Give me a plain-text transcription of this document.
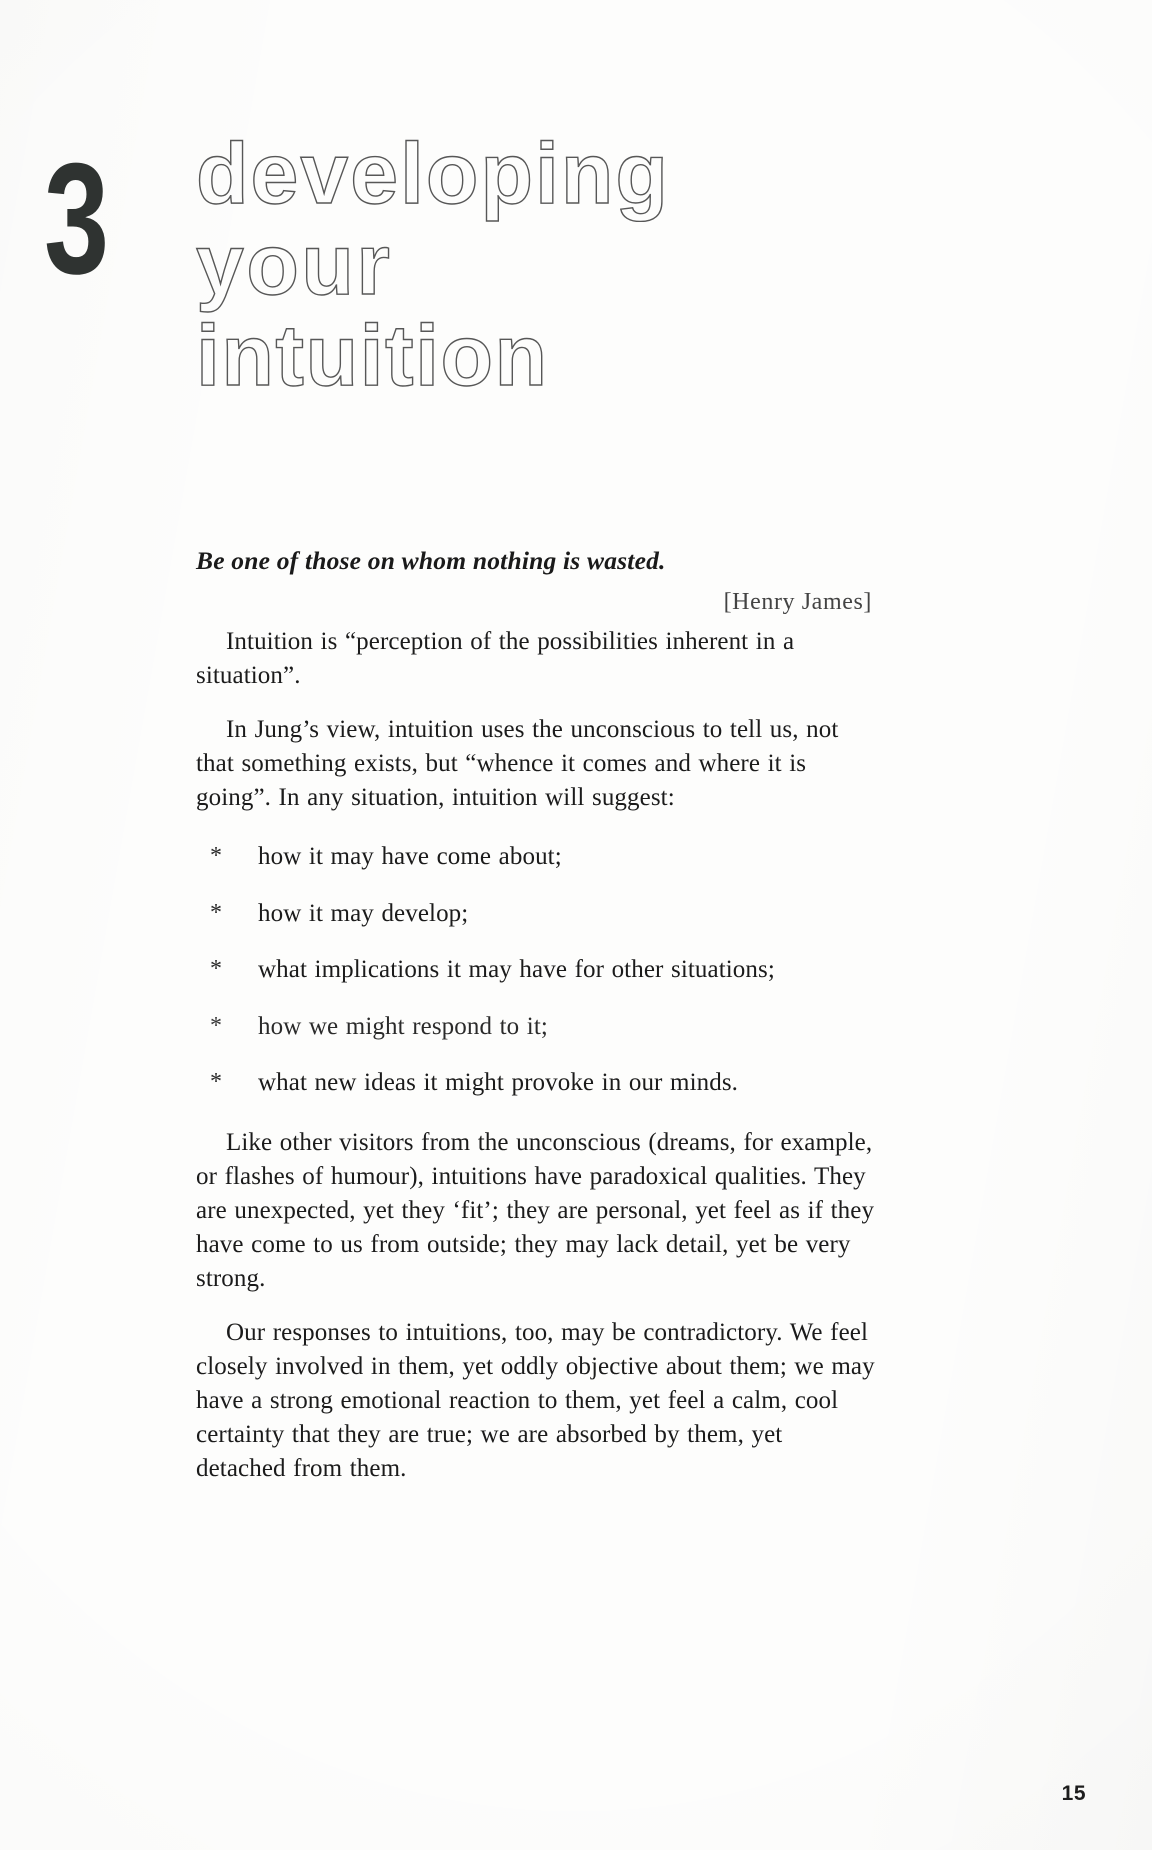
3 developing
your
intuition

Be one of those on whom nothing is wasted.

[Henry James]

Intuition is “perception of the possibilities inherent in a situation”.

In Jung’s view, intuition uses the unconscious to tell us, not that something exists, but “whence it comes and where it is going”. In any situation, intuition will suggest:

*	how it may have come about;
*	how it may develop;
*	what implications it may have for other situations;
*	how we might respond to it;
*	what new ideas it might provoke in our minds.

Like other visitors from the unconscious (dreams, for example, or flashes of humour), intuitions have paradoxical qualities. They are unexpected, yet they ‘fit’; they are personal, yet feel as if they have come to us from outside; they may lack detail, yet be very strong.

Our responses to intuitions, too, may be contradictory. We feel closely involved in them, yet oddly objective about them; we may have a strong emotional reaction to them, yet feel a calm, cool certainty that they are true; we are absorbed by them, yet detached from them.

15
